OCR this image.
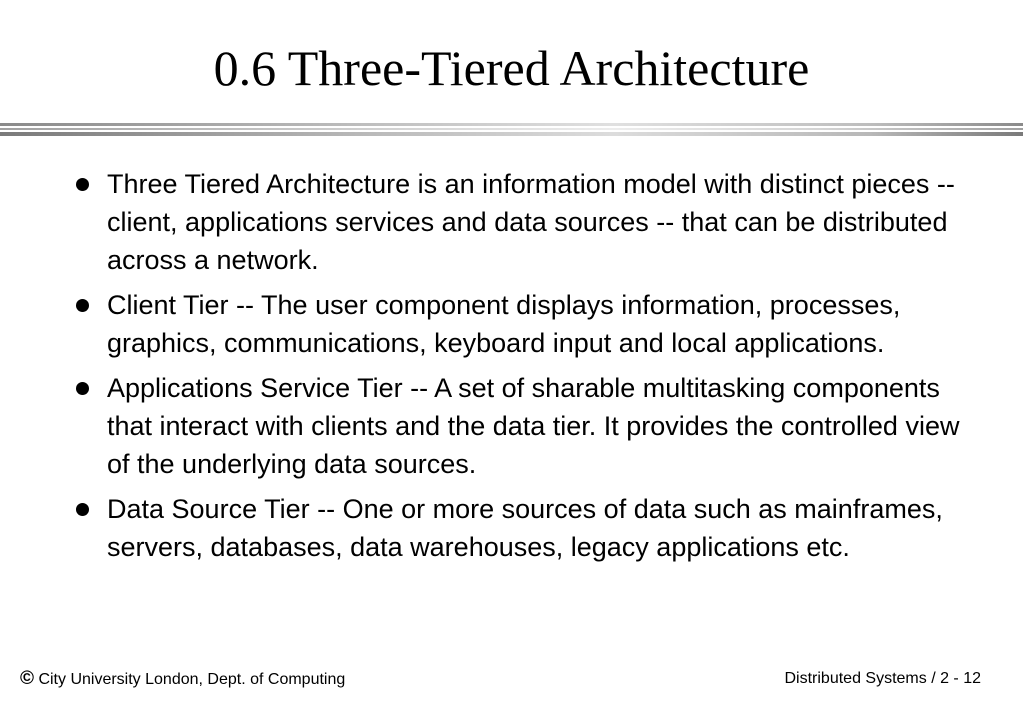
0.6 Three-Tiered Architecture
Three Tiered Architecture is an information model with distinct pieces -- client, applications services and data sources -- that can be distributed across a network.
Client Tier -- The user component displays information, processes, graphics, communications, keyboard input and local applications.
Applications Service Tier -- A set of sharable multitasking components that interact with clients and the data tier. It provides the controlled view of the underlying data sources.
Data Source Tier -- One or more sources of data such as mainframes, servers, databases, data warehouses, legacy applications etc.
© City University London, Dept. of Computing	Distributed Systems / 2 - 12
